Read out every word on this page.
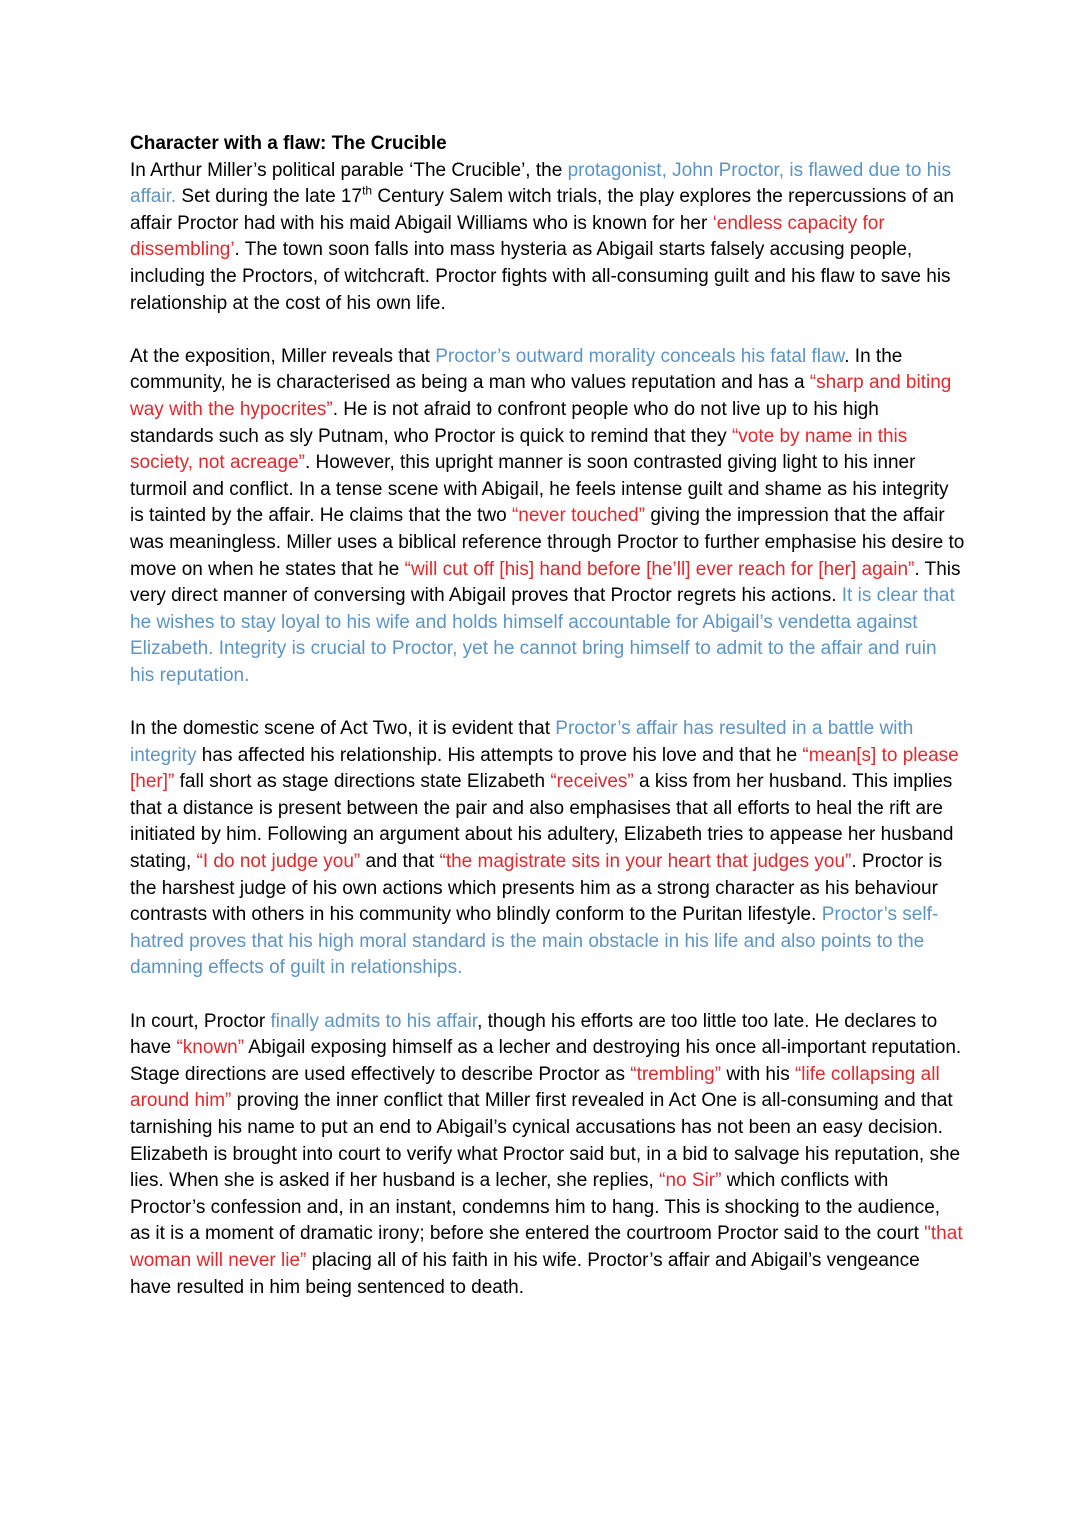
Character with a flaw: The Crucible

In Arthur Miller’s political parable ‘The Crucible’, the protagonist, John Proctor, is flawed due to his affair. Set during the late 17th Century Salem witch trials, the play explores the repercussions of an affair Proctor had with his maid Abigail Williams who is known for her ‘endless capacity for dissembling’. The town soon falls into mass hysteria as Abigail starts falsely accusing people, including the Proctors, of witchcraft. Proctor fights with all-consuming guilt and his flaw to save his relationship at the cost of his own life.

At the exposition, Miller reveals that Proctor’s outward morality conceals his fatal flaw. In the community, he is characterised as being a man who values reputation and has a “sharp and biting way with the hypocrites”. He is not afraid to confront people who do not live up to his high standards such as sly Putnam, who Proctor is quick to remind that they “vote by name in this society, not acreage”. However, this upright manner is soon contrasted giving light to his inner turmoil and conflict. In a tense scene with Abigail, he feels intense guilt and shame as his integrity is tainted by the affair. He claims that the two “never touched” giving the impression that the affair was meaningless. Miller uses a biblical reference through Proctor to further emphasise his desire to move on when he states that he “will cut off [his] hand before [he’ll] ever reach for [her] again”. This very direct manner of conversing with Abigail proves that Proctor regrets his actions. It is clear that he wishes to stay loyal to his wife and holds himself accountable for Abigail’s vendetta against Elizabeth. Integrity is crucial to Proctor, yet he cannot bring himself to admit to the affair and ruin his reputation.

In the domestic scene of Act Two, it is evident that Proctor’s affair has resulted in a battle with integrity has affected his relationship. His attempts to prove his love and that he “mean[s] to please [her]” fall short as stage directions state Elizabeth “receives” a kiss from her husband. This implies that a distance is present between the pair and also emphasises that all efforts to heal the rift are initiated by him. Following an argument about his adultery, Elizabeth tries to appease her husband stating, “I do not judge you” and that “the magistrate sits in your heart that judges you”. Proctor is the harshest judge of his own actions which presents him as a strong character as his behaviour contrasts with others in his community who blindly conform to the Puritan lifestyle. Proctor’s self-hatred proves that his high moral standard is the main obstacle in his life and also points to the damning effects of guilt in relationships.

In court, Proctor finally admits to his affair, though his efforts are too little too late. He declares to have “known” Abigail exposing himself as a lecher and destroying his once all-important reputation. Stage directions are used effectively to describe Proctor as “trembling” with his “life collapsing all around him” proving the inner conflict that Miller first revealed in Act One is all-consuming and that tarnishing his name to put an end to Abigail’s cynical accusations has not been an easy decision. Elizabeth is brought into court to verify what Proctor said but, in a bid to salvage his reputation, she lies. When she is asked if her husband is a lecher, she replies, “no Sir” which conflicts with Proctor’s confession and, in an instant, condemns him to hang. This is shocking to the audience, as it is a moment of dramatic irony; before she entered the courtroom Proctor said to the court "that woman will never lie” placing all of his faith in his wife. Proctor’s affair and Abigail’s vengeance have resulted in him being sentenced to death.
